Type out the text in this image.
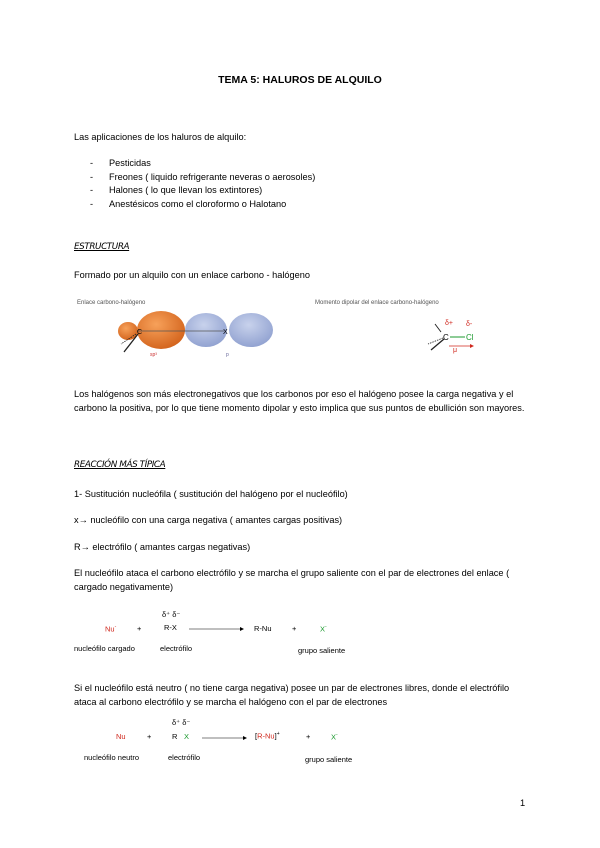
TEMA 5: HALUROS DE ALQUILO
Las aplicaciones de los haluros de alquilo:
- Pesticidas
- Freones ( liquido refrigerante neveras o aerosoles)
- Halones ( lo que llevan los extintores)
- Anestésicos como el cloroformo o Halotano
ESTRUCTURA
Formado por un alquilo con un enlace carbono - halógeno
Enlace carbono-halógeno
C	X
sp³	p
Momento dipolar del enlace carbono-halógeno
δ+ δ-
C Cl
μ
Los halógenos son más electronegativos que los carbonos por eso el halógeno posee la carga negativa y el carbono la positiva, por lo que tiene momento dipolar y esto implica que sus puntos de ebullición son mayores.
REACCIÓN MÁS TÍPICA
1- Sustitución nucleófila ( sustitución del halógeno por el nucleófilo)
x→ nucleófilo con una carga negativa ( amantes cargas positivas)
R→ electrófilo ( amantes cargas negativas)
El nucleófilo ataca el carbono electrófilo y se marcha el grupo saliente con el par de electrones del enlace ( cargado negativamente)
Nu-	+
δ⁺ δ⁻
R-X → R-Nu	+	X-
nucleófilo cargado	electrófilo	grupo saliente
Si el nucleófilo está neutro ( no tiene carga negativa) posee un par de electrones libres, donde el electrófilo ataca al carbono electrófilo y se marcha el halógeno con el par de electrones
Nu	+
δ⁺ δ⁻
R X → [R-Nu]+	+	X-
nucleófilo neutro	electrófilo	grupo saliente
1
